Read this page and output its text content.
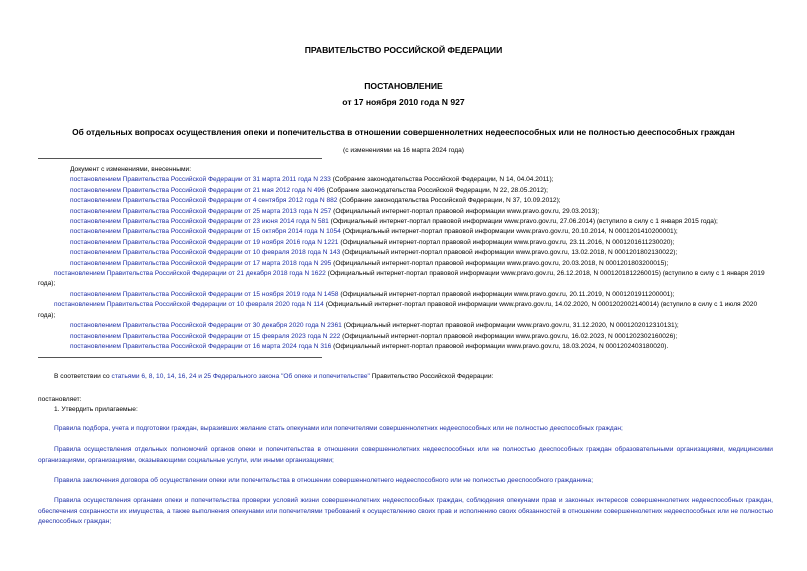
ПРАВИТЕЛЬСТВО РОССИЙСКОЙ ФЕДЕРАЦИИ
ПОСТАНОВЛЕНИЕ
от 17 ноября 2010 года N 927
Об отдельных вопросах осуществления опеки и попечительства в отношении совершеннолетних недееспособных или не полностью дееспособных граждан
(с изменениями на 16 марта 2024 года)
Документ с изменениями, внесенными:
постановлением Правительства Российской Федерации от 31 марта 2011 года N 233 (Собрание законодательства Российской Федерации, N 14, 04.04.2011);
постановлением Правительства Российской Федерации от 21 мая 2012 года N 496 (Собрание законодательства Российской Федерации, N 22, 28.05.2012);
постановлением Правительства Российской Федерации от 4 сентября 2012 года N 882 (Собрание законодательства Российской Федерации, N 37, 10.09.2012);
постановлением Правительства Российской Федерации от 25 марта 2013 года N 257 (Официальный интернет-портал правовой информации www.pravo.gov.ru, 29.03.2013);
постановлением Правительства Российской Федерации от 23 июня 2014 года N 581 (Официальный интернет-портал правовой информации www.pravo.gov.ru, 27.06.2014) (вступило в силу с 1 января 2015 года);
постановлением Правительства Российской Федерации от 15 октября 2014 года N 1054 (Официальный интернет-портал правовой информации www.pravo.gov.ru, 20.10.2014, N 0001201410200001);
постановлением Правительства Российской Федерации от 19 ноября 2016 года N 1221 (Официальный интернет-портал правовой информации www.pravo.gov.ru, 23.11.2016, N 0001201611230020);
постановлением Правительства Российской Федерации от 10 февраля 2018 года N 143 (Официальный интернет-портал правовой информации www.pravo.gov.ru, 13.02.2018, N 0001201802130022);
постановлением Правительства Российской Федерации от 17 марта 2018 года N 295 (Официальный интернет-портал правовой информации www.pravo.gov.ru, 20.03.2018, N 0001201803200015);
постановлением Правительства Российской Федерации от 21 декабря 2018 года N 1622 (Официальный интернет-портал правовой информации www.pravo.gov.ru, 26.12.2018, N 0001201812260015) (вступило в силу с 1 января 2019 года);
постановлением Правительства Российской Федерации от 15 ноября 2019 года N 1458 (Официальный интернет-портал правовой информации www.pravo.gov.ru, 20.11.2019, N 0001201911200001);
постановлением Правительства Российской Федерации от 10 февраля 2020 года N 114 (Официальный интернет-портал правовой информации www.pravo.gov.ru, 14.02.2020, N 0001202002140014) (вступило в силу с 1 июля 2020 года);
постановлением Правительства Российской Федерации от 30 декабря 2020 года N 2361 (Официальный интернет-портал правовой информации www.pravo.gov.ru, 31.12.2020, N 0001202012310131);
постановлением Правительства Российской Федерации от 15 февраля 2023 года N 222 (Официальный интернет-портал правовой информации www.pravo.gov.ru, 16.02.2023, N 0001202302160026);
постановлением Правительства Российской Федерации от 16 марта 2024 года N 316 (Официальный интернет-портал правовой информации www.pravo.gov.ru, 18.03.2024, N 0001202403180020).
В соответствии со статьями 6, 8, 10, 14, 16, 24 и 25 Федерального закона "Об опеке и попечительстве" Правительство Российской Федерации:
постановляет:
1. Утвердить прилагаемые:
Правила подбора, учета и подготовки граждан, выразивших желание стать опекунами или попечителями совершеннолетних недееспособных или не полностью дееспособных граждан;
Правила осуществления отдельных полномочий органов опеки и попечительства в отношении совершеннолетних недееспособных или не полностью дееспособных граждан образовательными организациями, медицинскими организациями, организациями, оказывающими социальные услуги, или иными организациями;
Правила заключения договора об осуществлении опеки или попечительства в отношении совершеннолетнего недееспособного или не полностью дееспособного гражданина;
Правила осуществления органами опеки и попечительства проверки условий жизни совершеннолетних недееспособных граждан, соблюдения опекунами прав и законных интересов совершеннолетних недееспособных граждан, обеспечения сохранности их имущества, а также выполнения опекунами или попечителями требований к осуществлению своих прав и исполнению своих обязанностей в отношении совершеннолетних недееспособных или не полностью дееспособных граждан;
